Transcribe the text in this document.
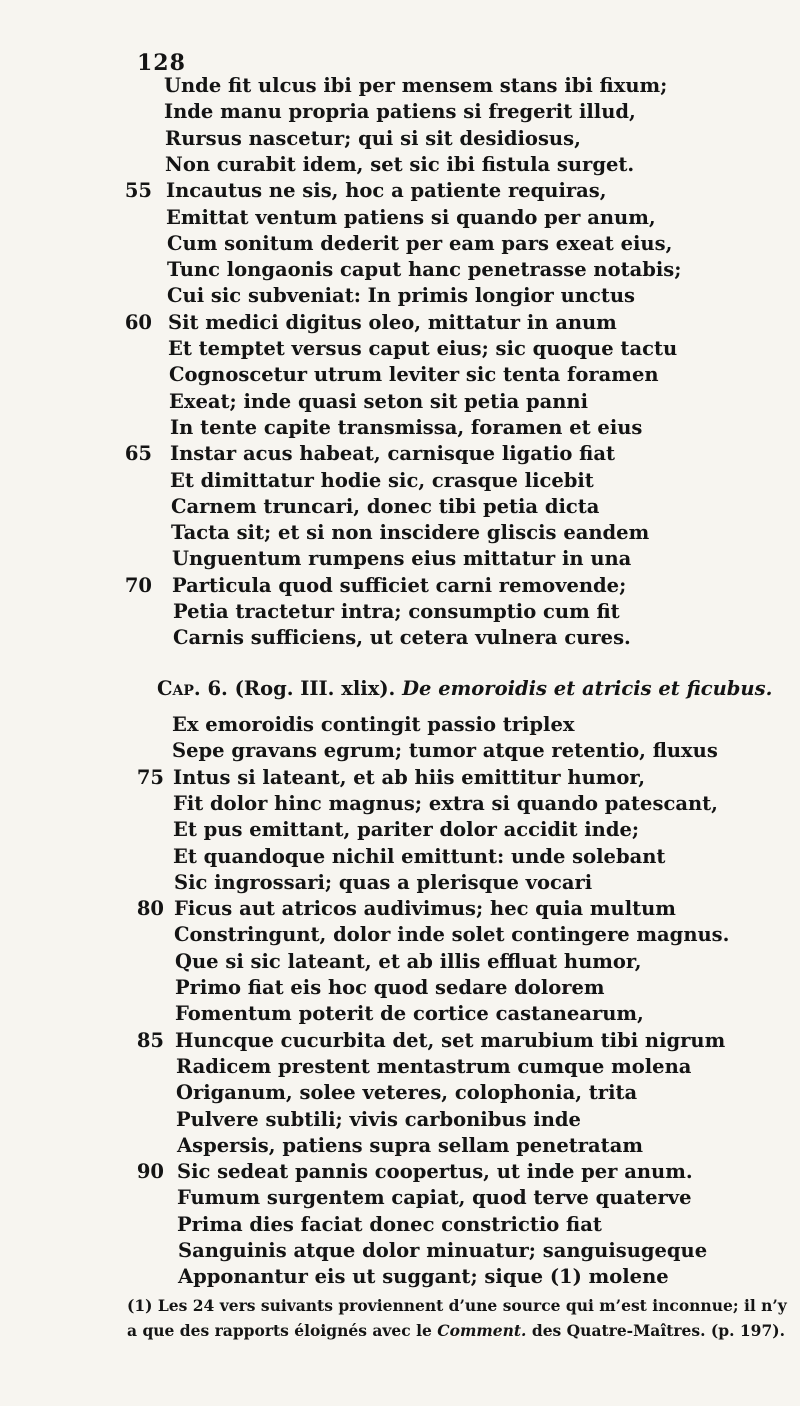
128
Unde fit ulcus ibi per mensem stans ibi fixum;
Inde manu propria patiens si fregerit illud,
Rursus nascetur; qui si sit desidiosus,
Non curabit idem, set sic ibi fistula surget.
55 Incautus ne sis, hoc a patiente requiras,
Emittat ventum patiens si quando per anum,
Cum sonitum dederit per eam pars exeat eius,
Tunc longaonis caput hanc penetrasse notabis;
Cui sic subveniat: In primis longior unctus
60 Sit medici digitus oleo, mittatur in anum
Et temptet versus caput eius; sic quoque tactu
Cognoscetur utrum leviter sic tenta foramen
Exeat; inde quasi seton sit petia panni
In tente capite transmissa, foramen et eius
65 Instar acus habeat, carnisque ligatio fiat
Et dimittatur hodie sic, crasque licebit
Carnem truncari, donec tibi petia dicta
Tacta sit; et si non inscidere gliscis eandem
Unguentum rumpens eius mittatur in una
70 Particula quod sufficiet carni removende;
Petia tractetur intra; consumptio cum fit
Carnis sufficiens, ut cetera vulnera cures.
Cap. 6. (Rog. III. xlix). De emoroidis et atricis et ficubus.
Ex emoroidis contingit passio triplex
Sepe gravans egrum; tumor atque retentio, fluxus
75 Intus si lateant, et ab hiis emittitur humor,
Fit dolor hinc magnus; extra si quando patescant,
Et pus emittant, pariter dolor accidit inde;
Et quandoque nichil emittunt: unde solebant
Sic ingrossari; quas a plerisque vocari
80 Ficus aut atricos audivimus; hec quia multum
Constringunt, dolor inde solet contingere magnus.
Que si sic lateant, et ab illis effluat humor,
Primo fiat eis hoc quod sedare dolorem
Fomentum poterit de cortice castanearum,
85 Huncque cucurbita det, set marubium tibi nigrum
Radicem prestent mentastrum cumque molena
Origanum, solee veteres, colophonia, trita
Pulvere subtili; vivis carbonibus inde
Aspersis, patiens supra sellam penetratam
90 Sic sedeat pannis coopertus, ut inde per anum.
Fumum surgentem capiat, quod terve quaterve
Prima dies faciat donec constrictio fiat
Sanguinis atque dolor minuatur; sanguisugeque
Apponantur eis ut suggant; sique (1) molene
(1) Les 24 vers suivants proviennent d’une source qui m’est inconnue; il n’y
a que des rapports éloignés avec le Comment. des Quatre-Maîtres. (p. 197).
